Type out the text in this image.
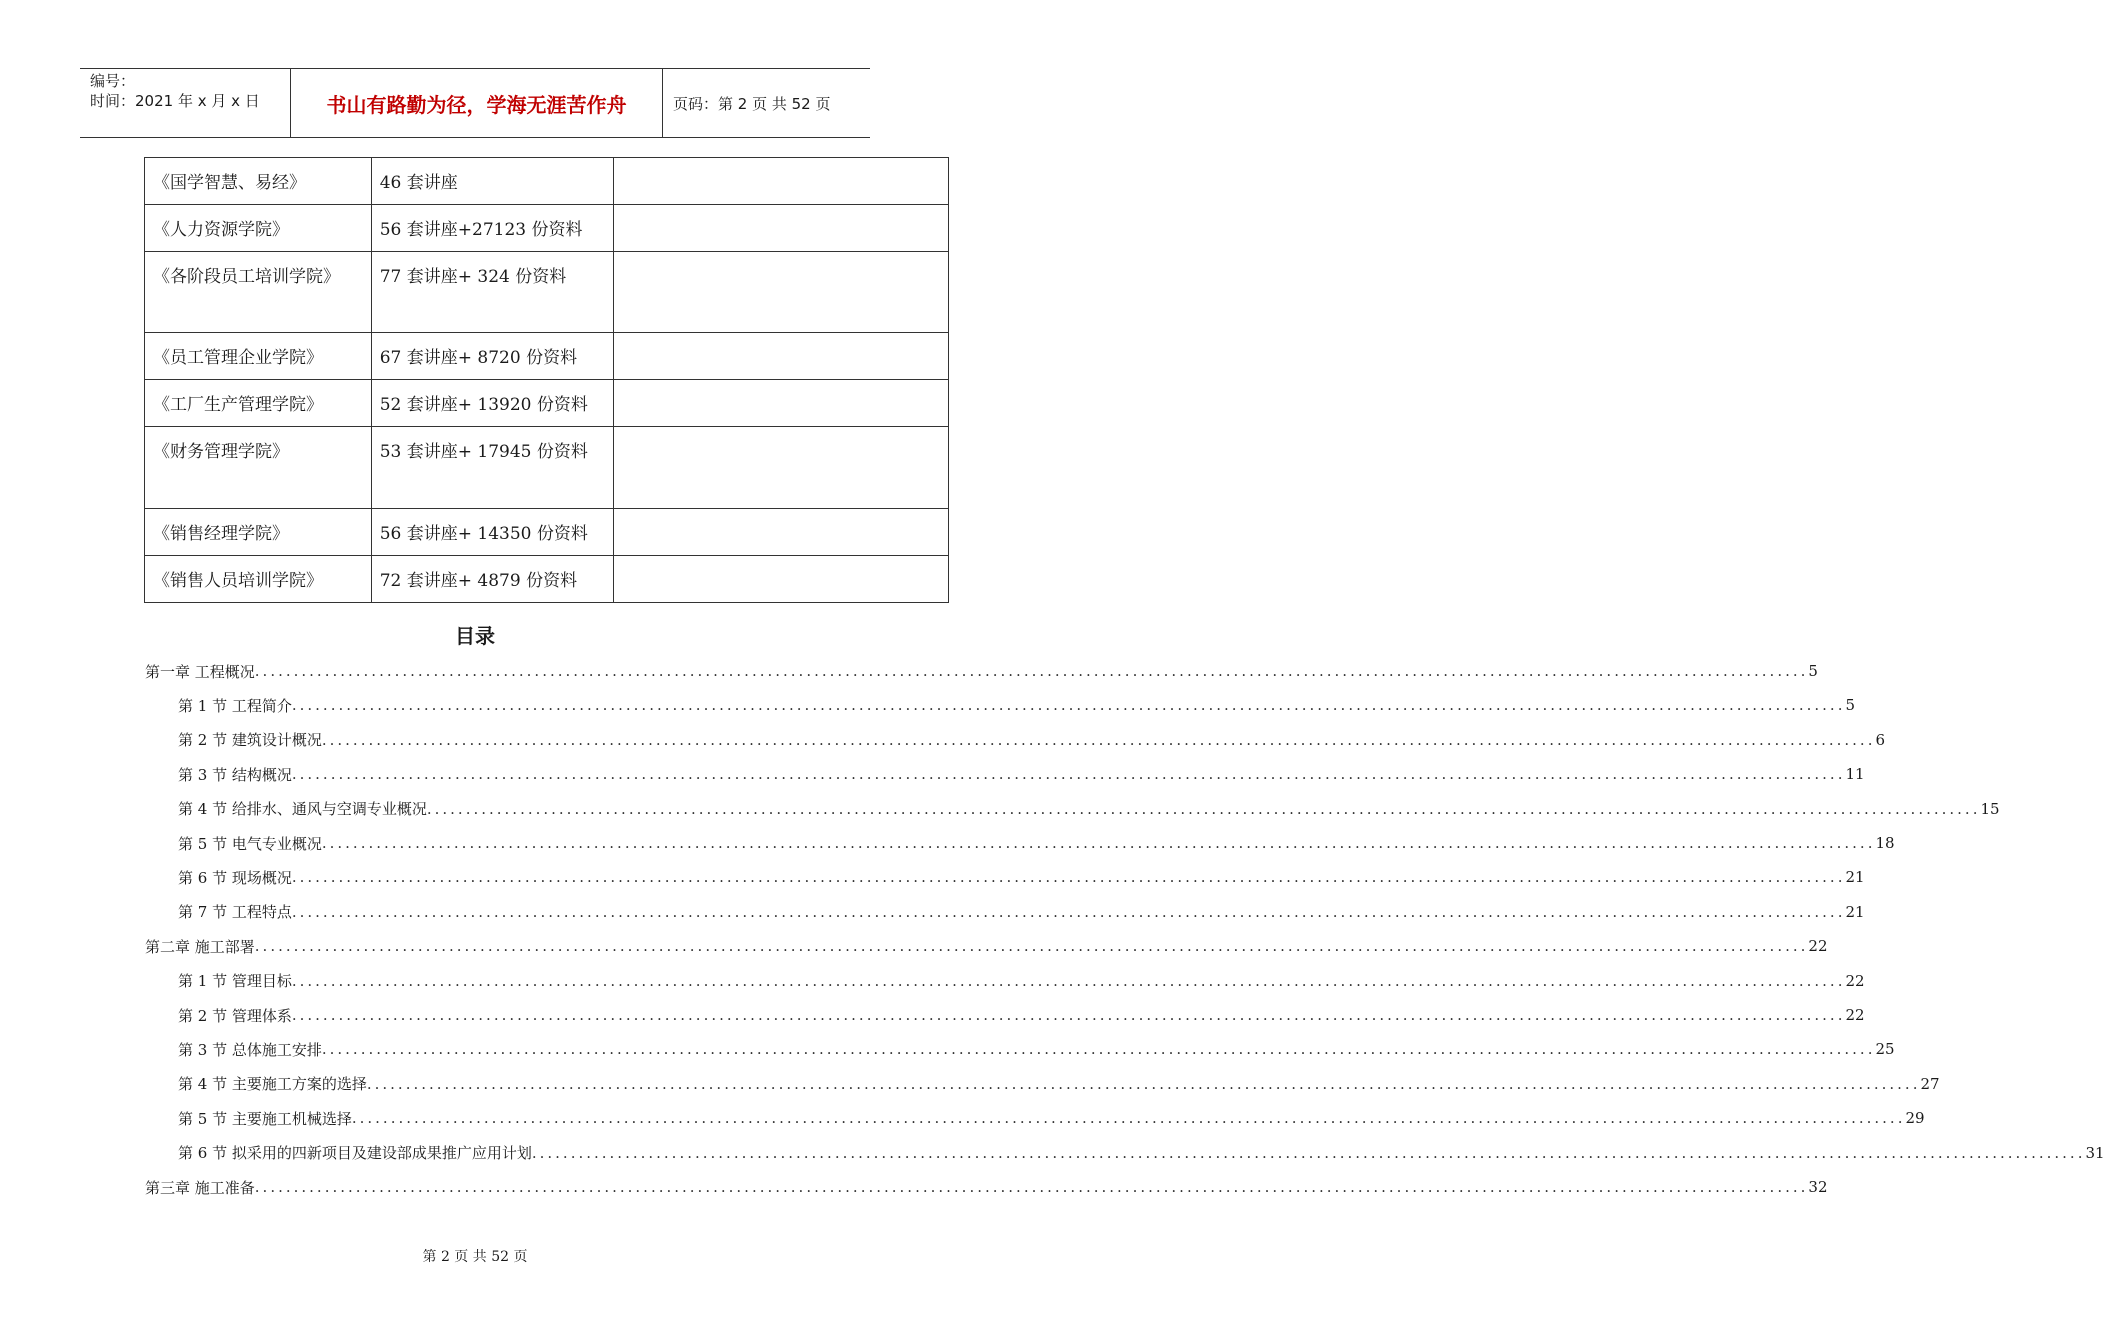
编号：
时间：2021 年 x 月 x 日	书山有路勤为径，学海无涯苦作舟	页码：第 2 页 共 52 页
《国学智慧、易经》	46 套讲座	
《人力资源学院》	56 套讲座+27123 份资料	
《各阶段员工培训学院》	77 套讲座+ 324 份资料	
《员工管理企业学院》	67 套讲座+ 8720 份资料	
《工厂生产管理学院》	52 套讲座+ 13920 份资料	
《财务管理学院》	53 套讲座+ 17945 份资料	
《销售经理学院》	56 套讲座+ 14350 份资料	
《销售人员培训学院》	72 套讲座+ 4879 份资料	
目录
第一章 工程概况 ........................................................................................................................................................................................................ 5
第 1 节 工程简介 ........................................................................................................................................................................................................ 5
第 2 节 建筑设计概况 ........................................................................................................................................................................................................ 6
第 3 节 结构概况 ........................................................................................................................................................................................................ 11
第 4 节 给排水、通风与空调专业概况 ........................................................................................................................................................................................................ 15
第 5 节 电气专业概况 ........................................................................................................................................................................................................ 18
第 6 节 现场概况 ........................................................................................................................................................................................................ 21
第 7 节 工程特点 ........................................................................................................................................................................................................ 21
第二章 施工部署 ........................................................................................................................................................................................................ 22
第 1 节 管理目标 ........................................................................................................................................................................................................ 22
第 2 节 管理体系 ........................................................................................................................................................................................................ 22
第 3 节 总体施工安排 ........................................................................................................................................................................................................ 25
第 4 节 主要施工方案的选择 ........................................................................................................................................................................................................ 27
第 5 节 主要施工机械选择 ........................................................................................................................................................................................................ 29
第 6 节 拟采用的四新项目及建设部成果推广应用计划 ........................................................................................................................................................................................................ 31
第三章 施工准备 ........................................................................................................................................................................................................ 32
第 2 页 共 52 页
